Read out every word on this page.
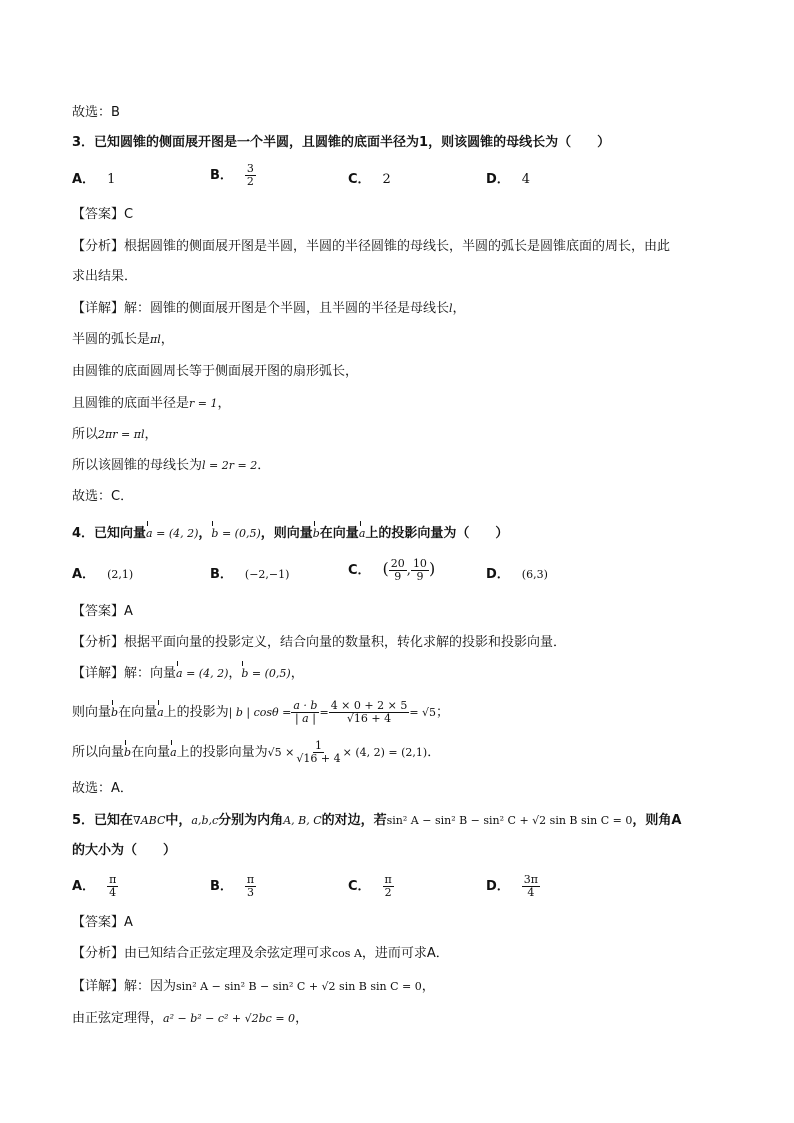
故选：B
3．已知圆锥的侧面展开图是一个半圆，且圆锥的底面半径为1，则该圆锥的母线长为（　　）
A． 1	B． $\frac{3}{2}$	C． 2	D． 4
【答案】C
【分析】根据圆锥的侧面展开图是半圆，半圆的半径圆锥的母线长，半圆的弧长是圆锥底面的周长，由此
求出结果．
【详解】解：圆锥的侧面展开图是个半圆，且半圆的半径是母线长l，
半圆的弧长是πl，
由圆锥的底面圆周长等于侧面展开图的扇形弧长，
且圆锥的底面半径是r = 1，
所以2πr = πl，
所以该圆锥的母线长为l = 2r = 2．
故选：C．
4．已知向量a = (4, 2)，b = (0,5)，则向量b在向量a上的投影向量为（　　）
A． (2,1)	B． (−2,−1)	C． ( $\frac{20}{9}$ , $\frac{10}{9}$ )	D． (6,3)
【答案】A
【分析】根据平面向量的投影定义，结合向量的数量积，转化求解的投影和投影向量．
【详解】解：向量a = (4, 2)，b = (0,5)，
则向量b在向量a上的投影为| b | $\cos\theta = \frac{a \cdot b}{| a |} = \frac{4 \times 0 + 2 \times 5}{√16 + 4} = √5$；
所以向量b在向量a上的投影向量为$√5 \times \frac{1}{√16 + 4} \times (4$, 2) = (2,1)．
故选：A．
5．已知在∇ABC中，a,b,c分别为内角A, B, C的对边，若sin² A − sin² B − sin² C + √2 sin B sin C = 0，则角A
的大小为（　　）
A． $\frac{\pi}{4}$	B． $\frac{\pi}{3}$	C． $\frac{\pi}{2}$	D． $\frac{3\pi}{4}$
【答案】A
【分析】由已知结合正弦定理及余弦定理可求cos A，进而可求A．
【详解】解：因为sin² A − sin² B − sin² C + √2 sin B sin C = 0，
由正弦定理得，a² − b² − c² + √2bc = 0，
